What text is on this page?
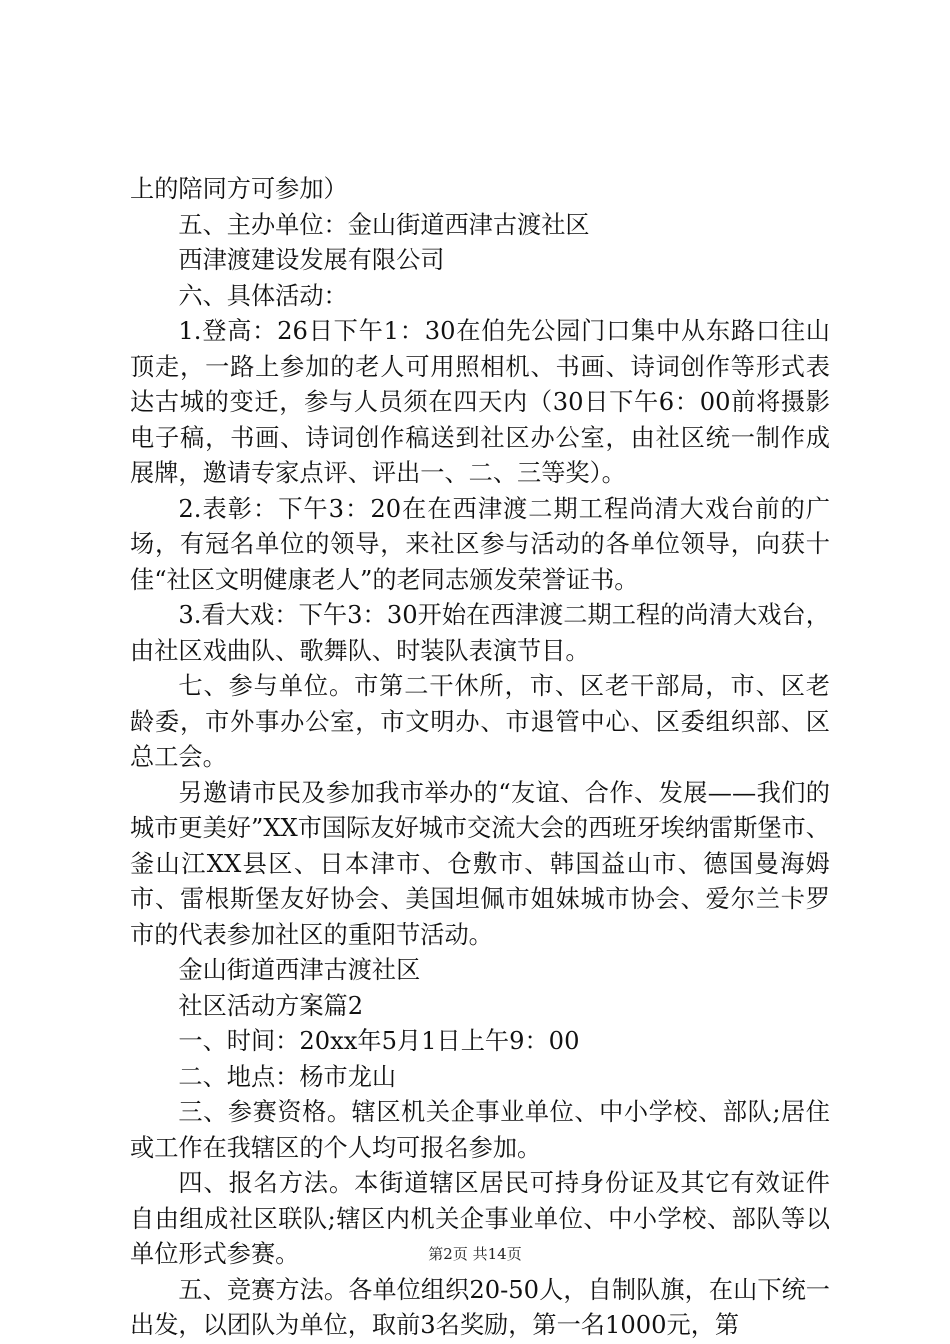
上的陪同方可参加）

五、主办单位：金山街道西津古渡社区

西津渡建设发展有限公司

六、具体活动：

1.登高：26日下午1：30在伯先公园门口集中从东路口往山顶走，一路上参加的老人可用照相机、书画、诗词创作等形式表达古城的变迁，参与人员须在四天内（30日下午6：00前将摄影电子稿，书画、诗词创作稿送到社区办公室，由社区统一制作成展牌，邀请专家点评、评出一、二、三等奖）。

2.表彰：下午3：20在在西津渡二期工程尚清大戏台前的广场，有冠名单位的领导，来社区参与活动的各单位领导，向获十佳“社区文明健康老人”的老同志颁发荣誉证书。

3.看大戏：下午3：30开始在西津渡二期工程的尚清大戏台，由社区戏曲队、歌舞队、时装队表演节目。

七、参与单位。市第二干休所，市、区老干部局，市、区老龄委，市外事办公室，市文明办、市退管中心、区委组织部、区总工会。

另邀请市民及参加我市举办的“友谊、合作、发展——我们的城市更美好”XX市国际友好城市交流大会的西班牙埃纳雷斯堡市、釜山江XX县区、日本津市、仓敷市、韩国益山市、德国曼海姆市、雷根斯堡友好协会、美国坦佩市姐妹城市协会、爱尔兰卡罗市的代表参加社区的重阳节活动。

金山街道西津古渡社区

社区活动方案篇2

一、时间：20xx年5月1日上午9：00

二、地点：杨市龙山

三、参赛资格。辖区机关企事业单位、中小学校、部队;居住或工作在我辖区的个人均可报名参加。

四、报名方法。本街道辖区居民可持身份证及其它有效证件自由组成社区联队;辖区内机关企事业单位、中小学校、部队等以单位形式参赛。

五、竞赛方法。各单位组织20-50人，自制队旗，在山下统一出发，以团队为单位，取前3名奖励，第一名1000元，第

第2页 共14页
